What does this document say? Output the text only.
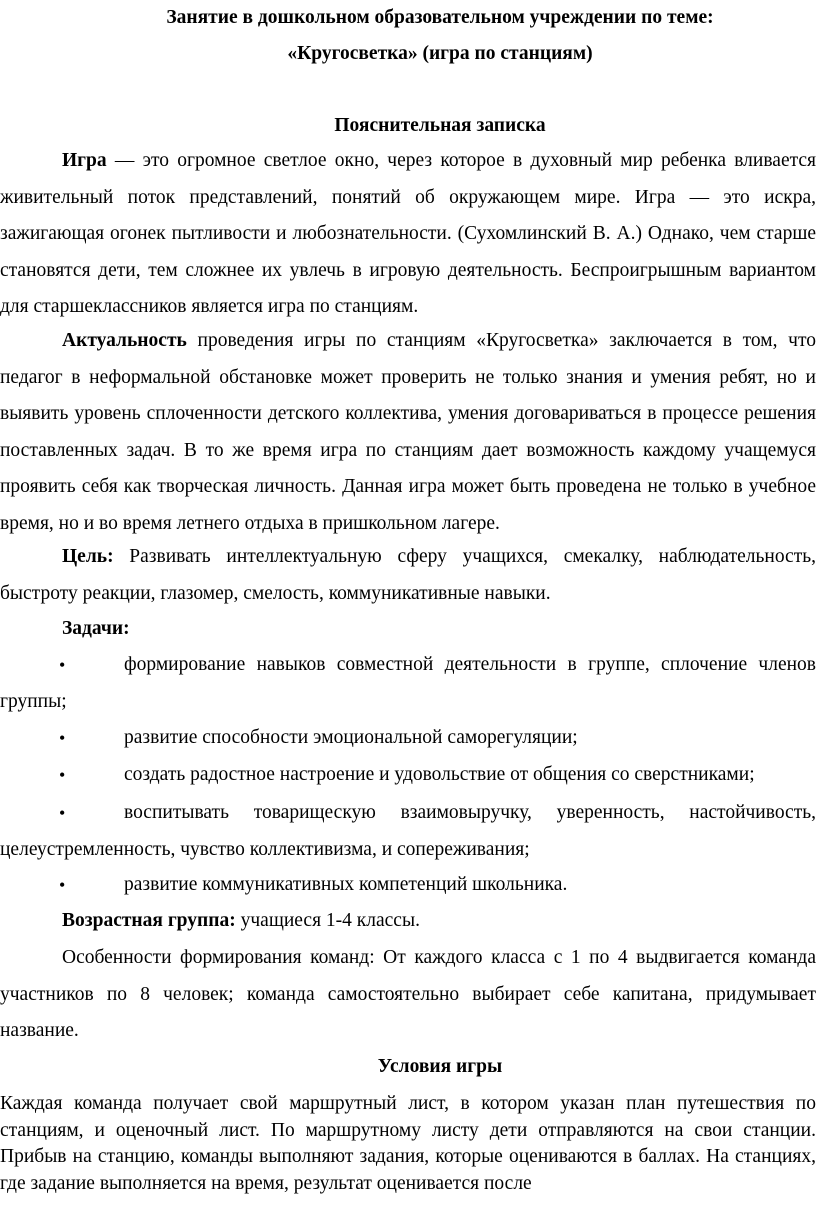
Занятие в дошкольном образовательном учреждении по теме:
«Кругосветка» (игра по станциям)
Пояснительная записка

Игра — это огромное светлое окно, через которое в духовный мир ребенка вливается живительный поток представлений, понятий об окружающем мире. Игра — это искра, зажигающая огонек пытливости и любознательности. (Сухомлинский В. А.) Однако, чем старше становятся дети, тем сложнее их увлечь в игровую деятельность. Беспроигрышным вариантом для старшеклассников является игра по станциям.

Актуальность проведения игры по станциям «Кругосветка» заключается в том, что педагог в неформальной обстановке может проверить не только знания и умения ребят, но и выявить уровень сплоченности детского коллектива, умения договариваться в процессе решения поставленных задач. В то же время игра по станциям дает возможность каждому учащемуся проявить себя как творческая личность. Данная игра может быть проведена не только в учебное время, но и во время летнего отдыха в пришкольном лагере.

Цель: Развивать интеллектуальную сферу учащихся, смекалку, наблюдательность, быстроту реакции, глазомер, смелость, коммуникативные навыки.

Задачи:

•	формирование навыков совместной деятельности в группе, сплочение членов группы;
•	развитие способности эмоциональной саморегуляции;
•	создать радостное настроение и удовольствие от общения со сверстниками;
•	воспитывать товарищескую взаимовыручку, уверенность, настойчивость, целеустремленность, чувство коллективизма, и сопереживания;
•	развитие коммуникативных компетенций школьника.

Возрастная группа: учащиеся 1-4 классы.

Особенности формирования команд: От каждого класса с 1 по 4 выдвигается команда участников по 8 человек; команда самостоятельно выбирает себе капитана, придумывает название.

Условия игры

Каждая команда получает свой маршрутный лист, в котором указан план путешествия по станциям, и оценочный лист. По маршрутному листу дети отправляются на свои станции. Прибыв на станцию, команды выполняют задания, которые оцениваются в баллах. На станциях, где задание выполняется на время, результат оценивается после
